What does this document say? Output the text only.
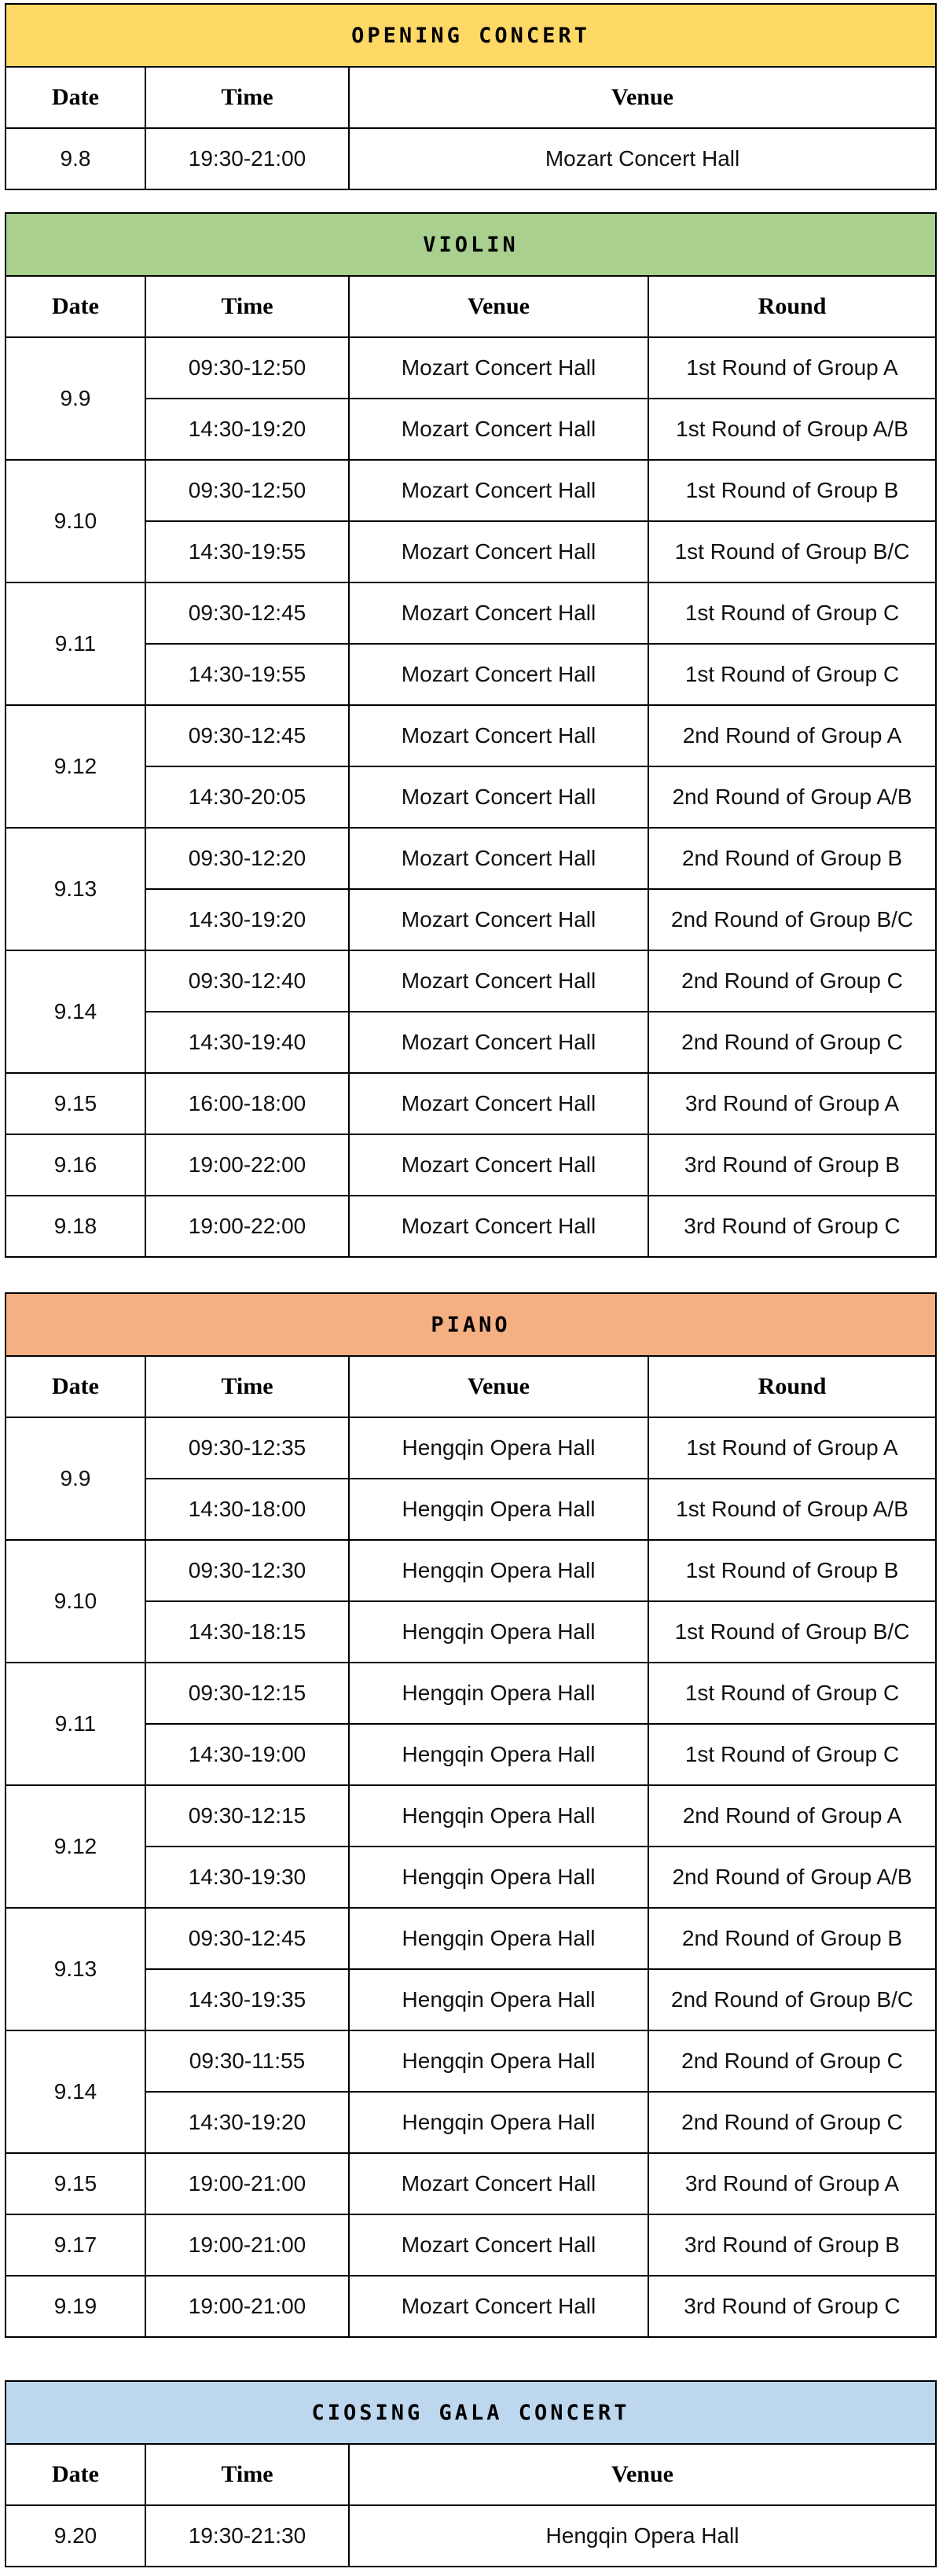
OPENING CONCERT		
Date	Time	Venue
9.8	19:30-21:00	Mozart Concert Hall
VIOLIN			
Date	Time	Venue	Round
9.9	09:30-12:50	Mozart Concert Hall	1st Round of Group A
	14:30-19:20	Mozart Concert Hall	1st Round of Group A/B
9.10	09:30-12:50	Mozart Concert Hall	1st Round of Group B
	14:30-19:55	Mozart Concert Hall	1st Round of Group B/C
9.11	09:30-12:45	Mozart Concert Hall	1st Round of Group C
	14:30-19:55	Mozart Concert Hall	1st Round of Group C
9.12	09:30-12:45	Mozart Concert Hall	2nd Round of Group A
	14:30-20:05	Mozart Concert Hall	2nd Round of Group A/B
9.13	09:30-12:20	Mozart Concert Hall	2nd Round of Group B
	14:30-19:20	Mozart Concert Hall	2nd Round of Group B/C
9.14	09:30-12:40	Mozart Concert Hall	2nd Round of Group C
	14:30-19:40	Mozart Concert Hall	2nd Round of Group C
9.15	16:00-18:00	Mozart Concert Hall	3rd Round of Group A
9.16	19:00-22:00	Mozart Concert Hall	3rd Round of Group B
9.18	19:00-22:00	Mozart Concert Hall	3rd Round of Group C
PIANO			
Date	Time	Venue	Round
9.9	09:30-12:35	Hengqin Opera Hall	1st Round of Group A
	14:30-18:00	Hengqin Opera Hall	1st Round of Group A/B
9.10	09:30-12:30	Hengqin Opera Hall	1st Round of Group B
	14:30-18:15	Hengqin Opera Hall	1st Round of Group B/C
9.11	09:30-12:15	Hengqin Opera Hall	1st Round of Group C
	14:30-19:00	Hengqin Opera Hall	1st Round of Group C
9.12	09:30-12:15	Hengqin Opera Hall	2nd Round of Group A
	14:30-19:30	Hengqin Opera Hall	2nd Round of Group A/B
9.13	09:30-12:45	Hengqin Opera Hall	2nd Round of Group B
	14:30-19:35	Hengqin Opera Hall	2nd Round of Group B/C
9.14	09:30-11:55	Hengqin Opera Hall	2nd Round of Group C
	14:30-19:20	Hengqin Opera Hall	2nd Round of Group C
9.15	19:00-21:00	Mozart Concert Hall	3rd Round of Group A
9.17	19:00-21:00	Mozart Concert Hall	3rd Round of Group B
9.19	19:00-21:00	Mozart Concert Hall	3rd Round of Group C
CIOSING GALA CONCERT		
Date	Time	Venue
9.20	19:30-21:30	Hengqin Opera Hall
